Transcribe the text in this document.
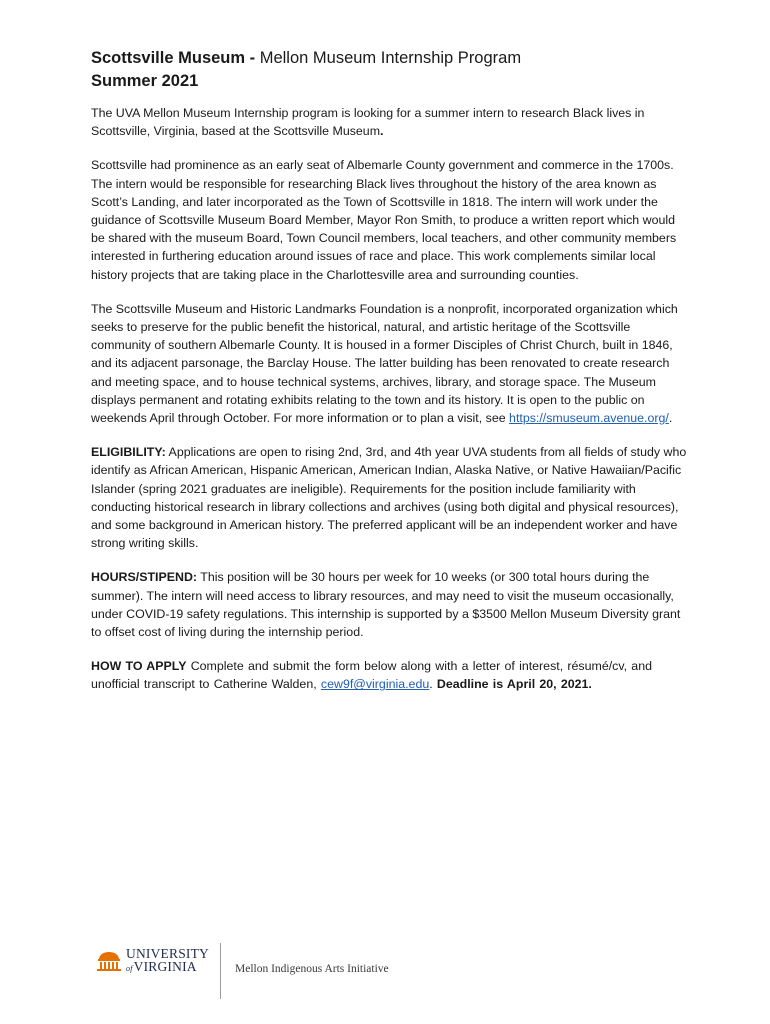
Scottsville Museum - Mellon Museum Internship Program

Summer 2021

The UVA Mellon Museum Internship program is looking for a summer intern to research Black lives in Scottsville, Virginia, based at the Scottsville Museum.

Scottsville had prominence as an early seat of Albemarle County government and commerce in the 1700s. The intern would be responsible for researching Black lives throughout the history of the area known as Scott’s Landing, and later incorporated as the Town of Scottsville in 1818. The intern will work under the guidance of Scottsville Museum Board Member, Mayor Ron Smith, to produce a written report which would be shared with the museum Board, Town Council members, local teachers, and other community members interested in furthering education around issues of race and place. This work complements similar local history projects that are taking place in the Charlottesville area and surrounding counties.

The Scottsville Museum and Historic Landmarks Foundation is a nonprofit, incorporated organization which seeks to preserve for the public benefit the historical, natural, and artistic heritage of the Scottsville community of southern Albemarle County. It is housed in a former Disciples of Christ Church, built in 1846, and its adjacent parsonage, the Barclay House. The latter building has been renovated to create research and meeting space, and to house technical systems, archives, library, and storage space. The Museum displays permanent and rotating exhibits relating to the town and its history. It is open to the public on weekends April through October. For more information or to plan a visit, see https://smuseum.avenue.org/.

ELIGIBILITY: Applications are open to rising 2nd, 3rd, and 4th year UVA students from all fields of study who identify as African American, Hispanic American, American Indian, Alaska Native, or Native Hawaiian/Pacific Islander (spring 2021 graduates are ineligible). Requirements for the position include familiarity with conducting historical research in library collections and archives (using both digital and physical resources), and some background in American history. The preferred applicant will be an independent worker and have strong writing skills.

HOURS/STIPEND: This position will be 30 hours per week for 10 weeks (or 300 total hours during the summer). The intern will need access to library resources, and may need to visit the museum occasionally, under COVID-19 safety regulations. This internship is supported by a $3500 Mellon Museum Diversity grant to offset cost of living during the internship period.

HOW TO APPLY Complete and submit the form below along with a letter of interest, résumé/cv, and unofficial transcript to Catherine Walden, cew9f@virginia.edu. Deadline is April 20, 2021.

UNIVERSITY
ofVIRGINIA	Mellon Indigenous Arts Initiative
